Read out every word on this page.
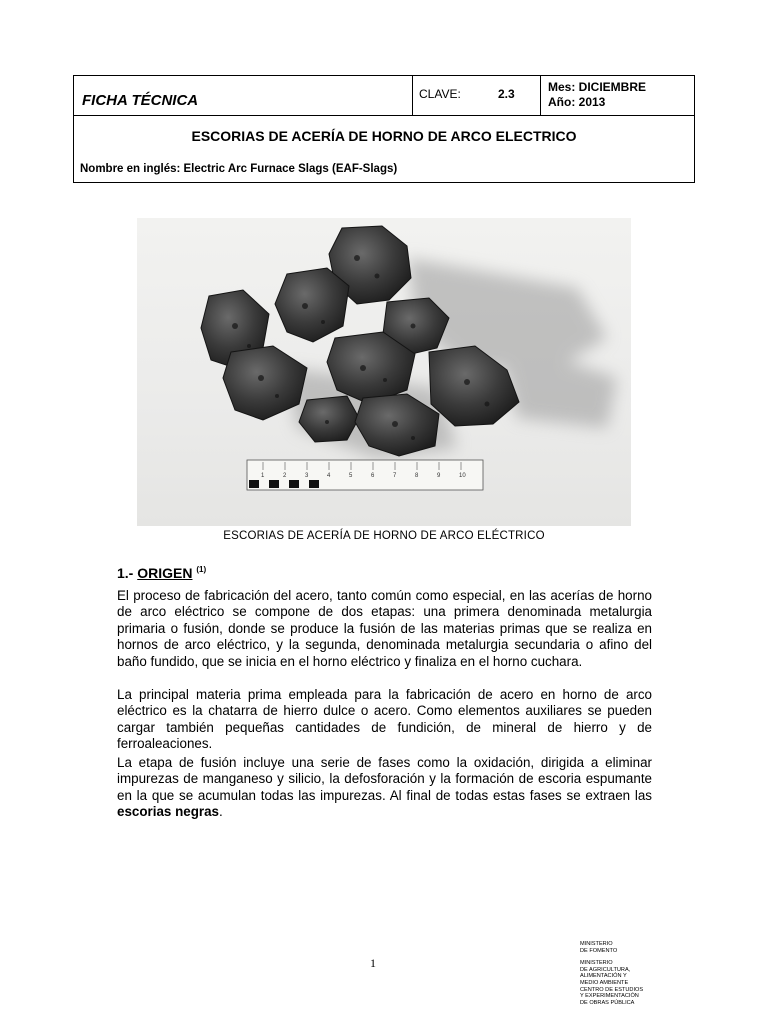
FICHA TÉCNICA	CLAVE:	2.3	Mes: DICIEMBRE
Año: 2013
ESCORIAS DE ACERÍA DE HORNO DE ARCO ELECTRICO
Nombre en inglés: Electric Arc Furnace Slags (EAF-Slags)
1	2	3	4	5	6	7	8	9	10
ESCORIAS DE ACERÍA DE HORNO DE ARCO ELÉCTRICO
1.- ORIGEN $^{(1)}$

El proceso de fabricación del acero, tanto común como especial, en las acerías de horno de arco eléctrico se compone de dos etapas: una primera denominada metalurgia primaria o fusión, donde se produce la fusión de las materias primas que se realiza en hornos de arco eléctrico, y la segunda, denominada metalurgia secundaria o afino del baño fundido, que se inicia en el horno eléctrico y finaliza en el horno cuchara.

La principal materia prima empleada para la fabricación de acero en horno de arco eléctrico es la chatarra de hierro dulce o acero. Como elementos auxiliares se pueden cargar también pequeñas cantidades de fundición, de mineral de hierro y de ferroaleaciones.

La etapa de fusión incluye una serie de fases como la oxidación, dirigida a eliminar impurezas de manganeso y silicio, la defosforación y la formación de escoria espumante en la que se acumulan todas las impurezas. Al final de todas estas fases se extraen las escorias negras.

1
MINISTERIO
DE FOMENTO
MINISTERIO
DE AGRICULTURA,
ALIMENTACIÓN Y
MEDIO AMBIENTE
CENTRO DE ESTUDIOS
Y EXPERIMENTACIÓN
DE OBRAS PÚBLICA
